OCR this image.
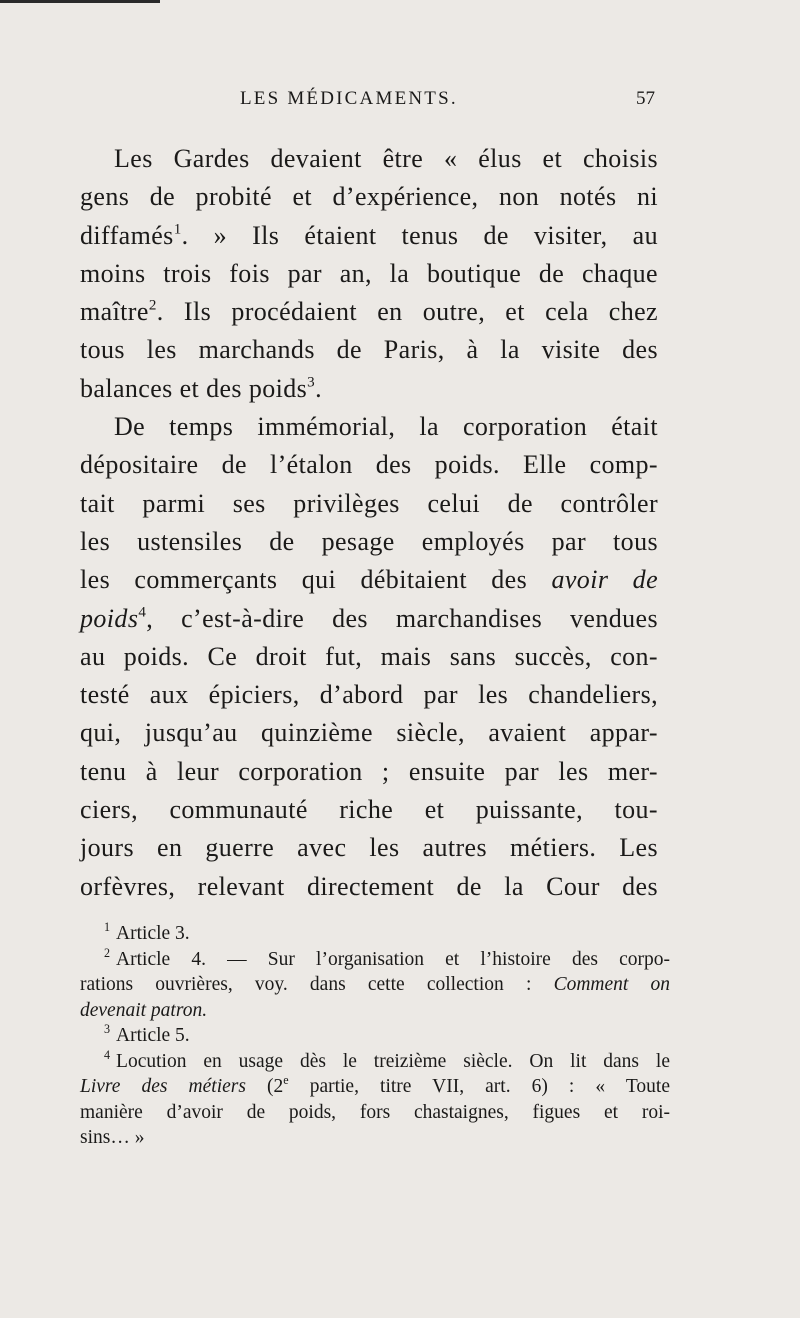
LES MÉDICAMENTS.	57
Les Gardes devaient être « élus et choisis
gens de probité et d’expérience, non notés ni
diffamés$^1$. » Ils étaient tenus de visiter, au
moins trois fois par an, la boutique de chaque
maître$^2$. Ils procédaient en outre, et cela chez
tous les marchands de Paris, à la visite des
balances et des poids$^3$.
De temps immémorial, la corporation était
dépositaire de l’étalon des poids. Elle comp-
tait parmi ses privilèges celui de contrôler
les ustensiles de pesage employés par tous
les commerçants qui débitaient des avoir de
poids$^4$, c’est-à-dire des marchandises vendues
au poids. Ce droit fut, mais sans succès, con-
testé aux épiciers, d’abord par les chandeliers,
qui, jusqu’au quinzième siècle, avaient appar-
tenu à leur corporation ; ensuite par les mer-
ciers, communauté riche et puissante, tou-
jours en guerre avec les autres métiers. Les
orfèvres, relevant directement de la Cour des
$^1$ Article 3.
$^2$ Article 4. — Sur l’organisation et l’histoire des corpo-
rations ouvrières, voy. dans cette collection : Comment on
devenait patron.
$^3$ Article 5.
$^4$ Locution en usage dès le treizième siècle. On lit dans le
Livre des métiers (2e partie, titre VII, art. 6) : « Toute
manière d’avoir de poids, fors chastaignes, figues et roi-
sins… »
